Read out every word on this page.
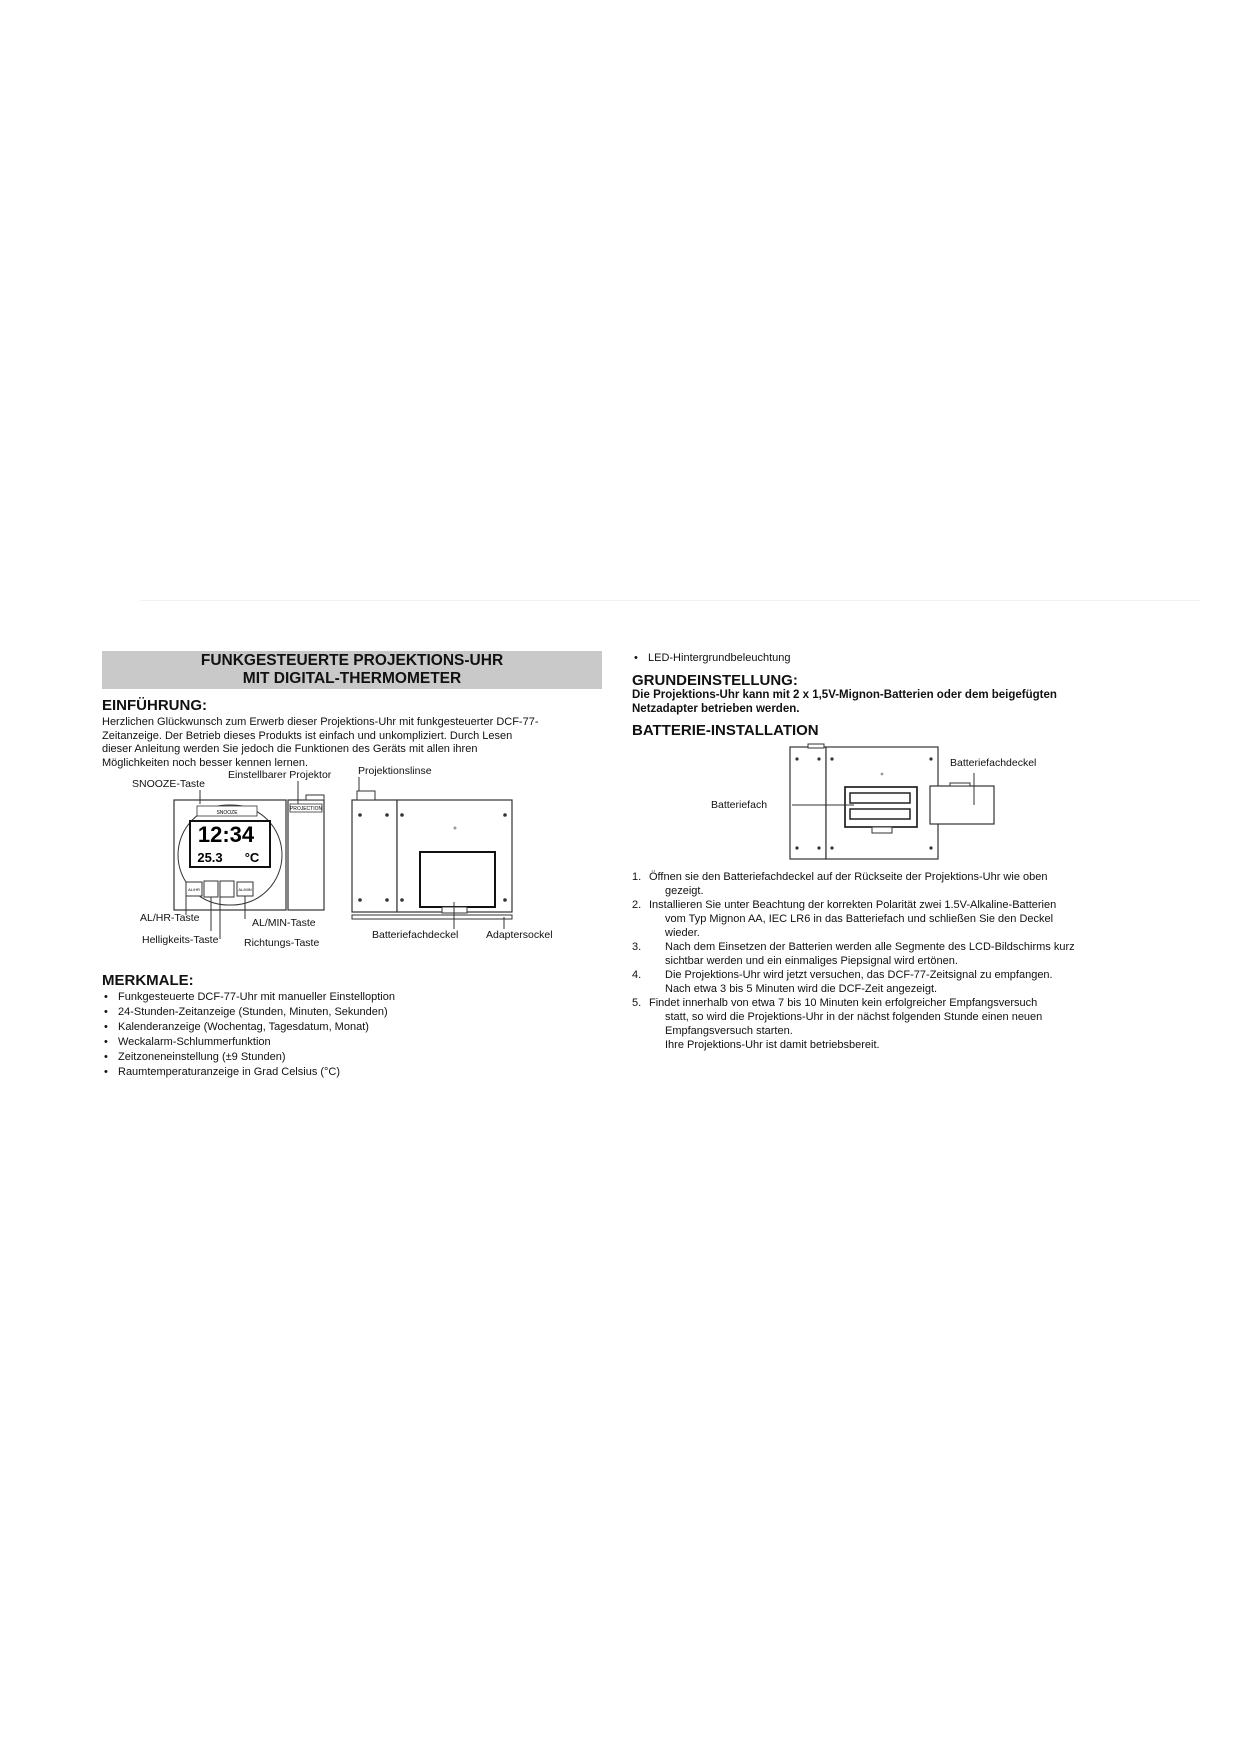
FUNKGESTEUERTE PROJEKTIONS-UHR
MIT DIGITAL-THERMOMETER
EINFÜHRUNG:

Herzlichen Glückwunsch zum Erwerb dieser Projektions-Uhr mit funkgesteuerter DCF-77-

Zeitanzeige. Der Betrieb dieses Produkts ist einfach und unkompliziert. Durch Lesen

dieser Anleitung werden Sie jedoch die Funktionen des Geräts mit allen ihren

Möglichkeiten noch besser kennen lernen.

SNOOZE
12:34
25.3 °C
AL/HR	AL/MIN
PROJECTION
SNOOZE-Taste
Einstellbarer Projektor	Projektionslinse
AL/HR-Taste	AL/MIN-Taste
Helligkeits-Taste Richtungs-Taste
Batteriefachdeckel	Adaptersockel
MERKMALE:
• Funkgesteuerte DCF-77-Uhr mit manueller Einstelloption
• 24-Stunden-Zeitanzeige (Stunden, Minuten, Sekunden)
• Kalenderanzeige (Wochentag, Tagesdatum, Monat)
• Weckalarm-Schlummerfunktion
• Zeitzoneneinstellung (±9 Stunden)
• Raumtemperaturanzeige in Grad Celsius (°C)
• LED-Hintergrundbeleuchtung
GRUNDEINSTELLUNG:

Die Projektions-Uhr kann mit 2 x 1,5V-Mignon-Batterien oder dem beigefügten

Netzadapter betrieben werden.

BATTERIE-INSTALLATION
Batteriefach
Batteriefachdeckel
1. Öffnen sie den Batteriefachdeckel auf der Rückseite der Projektions-Uhr wie oben
gezeigt.
2. Installieren Sie unter Beachtung der korrekten Polarität zwei 1.5V-Alkaline-Batterien
vom Typ Mignon AA, IEC LR6 in das Batteriefach und schließen Sie den Deckel
wieder.
3.	Nach dem Einsetzen der Batterien werden alle Segmente des LCD-Bildschirms kurz
sichtbar werden und ein einmaliges Piepsignal wird ertönen.
4.	Die Projektions-Uhr wird jetzt versuchen, das DCF-77-Zeitsignal zu empfangen.
Nach etwa 3 bis 5 Minuten wird die DCF-Zeit angezeigt.
5. Findet innerhalb von etwa 7 bis 10 Minuten kein erfolgreicher Empfangsversuch
statt, so wird die Projektions-Uhr in der nächst folgenden Stunde einen neuen
Empfangsversuch starten.
Ihre Projektions-Uhr ist damit betriebsbereit.
